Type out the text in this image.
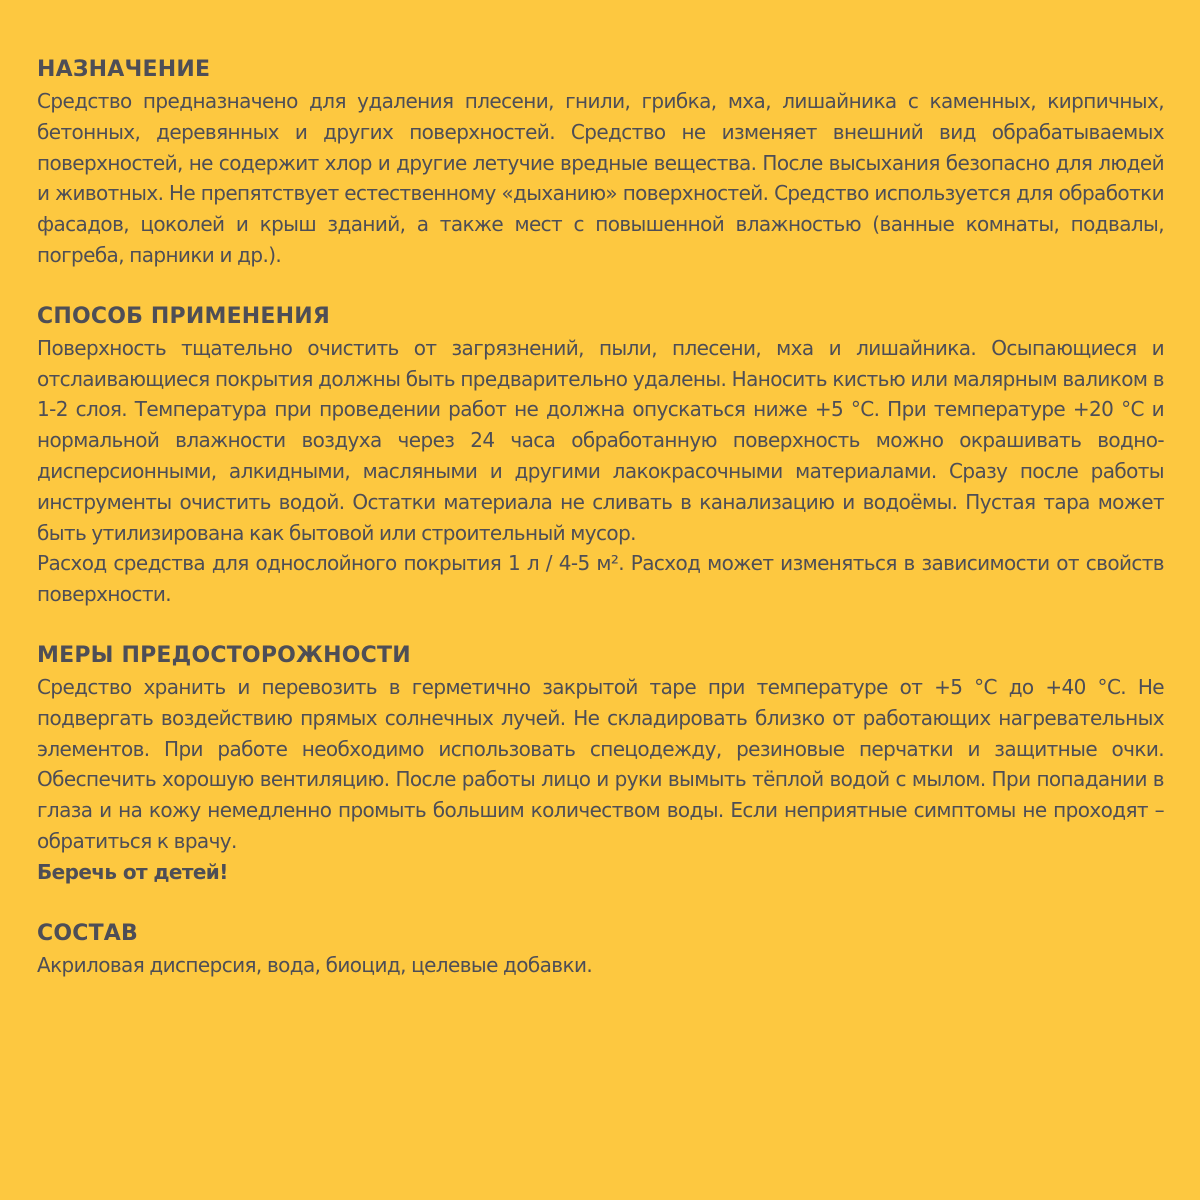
НАЗНАЧЕНИЕ

Средство предназначено для удаления плесени, гнили, грибка, мха, лишайника с каменных, кирпичных, бетонных, деревянных и других поверхностей. Средство не изменяет внешний вид обрабатываемых поверхностей, не содержит хлор и другие летучие вредные вещества. После высыхания безопасно для людей и животных. Не препятствует естественному «дыханию» поверхностей. Средство используется для обработки фасадов, цоколей и крыш зданий, а также мест с повышенной влажностью (ванные комнаты, подвалы, погреба, парники и др.).

СПОСОБ ПРИМЕНЕНИЯ

Поверхность тщательно очистить от загрязнений, пыли, плесени, мха и лишайника. Осыпающиеся и отслаивающиеся покрытия должны быть предварительно удалены. Наносить кистью или малярным валиком в 1-2 слоя. Температура при проведении работ не должна опускаться ниже +5 °С. При температуре +20 °С и нормальной влажности воздуха через 24 часа обработанную поверхность можно окрашивать водно-дисперсионными, алкидными, масляными и другими лакокрасочными материалами. Сразу после работы инструменты очистить водой. Остатки материала не сливать в канализацию и водоёмы. Пустая тара может быть утилизирована как бытовой или строительный мусор.

Расход средства для однослойного покрытия 1 л / 4-5 м². Расход может изменяться в зависимости от свойств поверхности.

МЕРЫ ПРЕДОСТОРОЖНОСТИ

Средство хранить и перевозить в герметично закрытой таре при температуре от +5 °С до +40 °С. Не подвергать воздействию прямых солнечных лучей. Не складировать близко от работающих нагревательных элементов. При работе необходимо использовать спецодежду, резиновые перчатки и защитные очки. Обеспечить хорошую вентиляцию. После работы лицо и руки вымыть тёплой водой с мылом. При попадании в глаза и на кожу немедленно промыть большим количеством воды. Если неприятные симптомы не проходят – обратиться к врачу.

Беречь от детей!

СОСТАВ

Акриловая дисперсия, вода, биоцид, целевые добавки.
